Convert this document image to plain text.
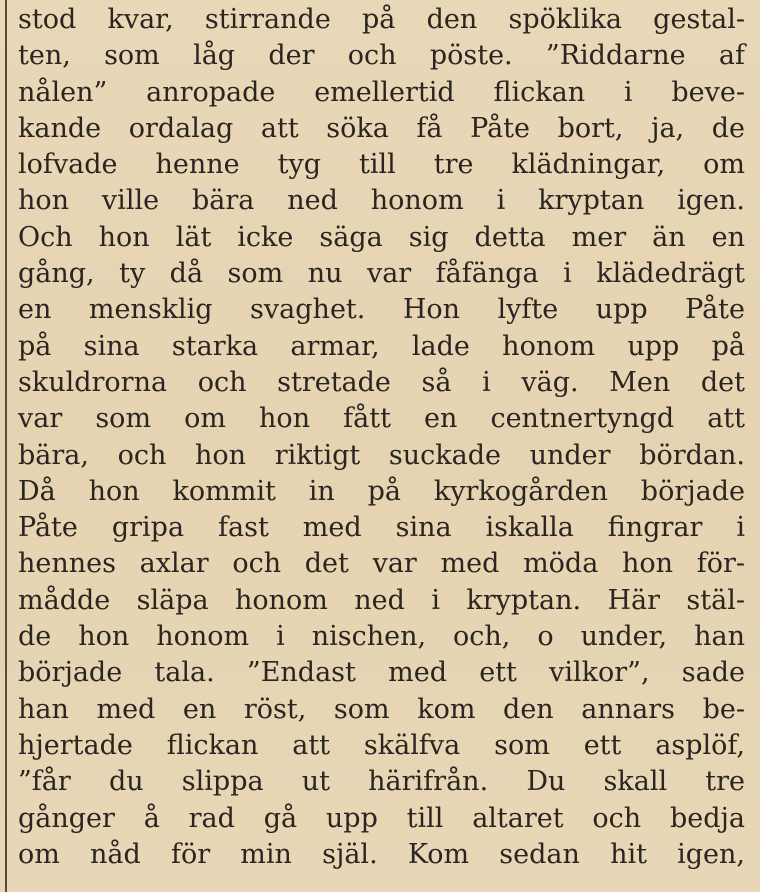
stod kvar, stirrande på den spöklika gestal-
ten, som låg der och pöste. ”Riddarne af
nålen” anropade emellertid flickan i beve-
kande ordalag att söka få Påte bort, ja, de
lofvade henne tyg till tre klädningar, om
hon ville bära ned honom i kryptan igen.
Och hon lät icke säga sig detta mer än en
gång, ty då som nu var fåfänga i klädedrägt
en mensklig svaghet. Hon lyfte upp Påte
på sina starka armar, lade honom upp på
skuldrorna och stretade så i väg. Men det
var som om hon fått en centnertyngd att
bära, och hon riktigt suckade under bördan.
Då hon kommit in på kyrkogården började
Påte gripa fast med sina iskalla fingrar i
hennes axlar och det var med möda hon för-
mådde släpa honom ned i kryptan. Här stäl-
de hon honom i nischen, och, o under, han
började tala. ”Endast med ett vilkor”, sade
han med en röst, som kom den annars be-
hjertade flickan att skälfva som ett asplöf,
”får du slippa ut härifrån. Du skall tre
gånger å rad gå upp till altaret och bedja
om nåd för min själ. Kom sedan hit igen,
